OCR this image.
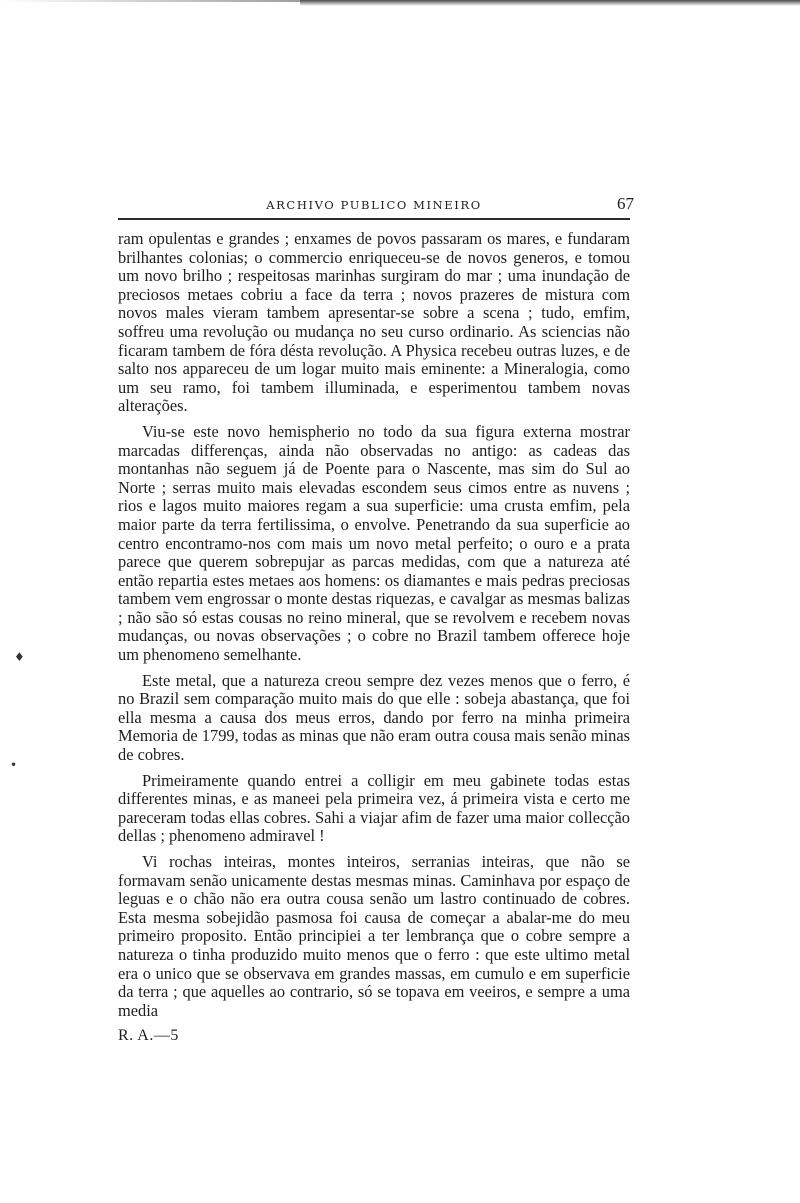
♦
•
ARCHIVO PUBLICO MINEIRO	67

ram opulentas e grandes ; enxames de povos passaram os mares, e fundaram brilhantes colonias; o commercio enriqueceu-se de novos generos, e tomou um novo brilho ; respeitosas marinhas surgiram do mar ; uma inundação de preciosos metaes cobriu a face da terra ; novos prazeres de mistura com novos males vieram tambem apresentar-se sobre a scena ; tudo, emfim, soffreu uma revolução ou mudança no seu curso ordinario. As sciencias não ficaram tambem de fóra désta revolução. A Physica recebeu outras luzes, e de salto nos appareceu de um logar muito mais eminente: a Mineralogia, como um seu ramo, foi tambem illuminada, e esperimentou tambem novas alterações.

Viu-se este novo hemispherio no todo da sua figura externa mostrar marcadas differenças, ainda não observadas no antigo: as cadeas das montanhas não seguem já de Poente para o Nascente, mas sim do Sul ao Norte ; serras muito mais elevadas escondem seus cimos entre as nuvens ; rios e lagos muito maiores regam a sua superficie: uma crusta emfim, pela maior parte da terra fertilissima, o envolve. Penetrando da sua superficie ao centro encontramo-nos com mais um novo metal perfeito; o ouro e a prata parece que querem sobrepujar as parcas medidas, com que a natureza até então repartia estes metaes aos homens: os diamantes e mais pedras preciosas tambem vem engrossar o monte destas riquezas, e cavalgar as mesmas balizas ; não são só estas cousas no reino mineral, que se revolvem e recebem novas mudanças, ou novas observações ; o cobre no Brazil tambem offerece hoje um phenomeno semelhante.

Este metal, que a natureza creou sempre dez vezes menos que o ferro, é no Brazil sem comparação muito mais do que elle : sobeja abastança, que foi ella mesma a causa dos meus erros, dando por ferro na minha primeira Memoria de 1799, todas as minas que não eram outra cousa mais senão minas de cobres.

Primeiramente quando entrei a colligir em meu gabinete todas estas differentes minas, e as maneei pela primeira vez, á primeira vista e certo me pareceram todas ellas cobres. Sahi a viajar afim de fazer uma maior collecção dellas ; phenomeno admiravel !

Vi rochas inteiras, montes inteiros, serranias inteiras, que não se formavam senão unicamente destas mesmas minas. Caminhava por espaço de leguas e o chão não era outra cousa senão um lastro continuado de cobres. Esta mesma sobejidão pasmosa foi causa de começar a abalar-me do meu primeiro proposito. Então principiei a ter lembrança que o cobre sempre a natureza o tinha produzido muito menos que o ferro : que este ultimo metal era o unico que se observava em grandes massas, em cumulo e em superficie da terra ; que aquelles ao contrario, só se topava em veeiros, e sempre a uma media

R. A.—5
